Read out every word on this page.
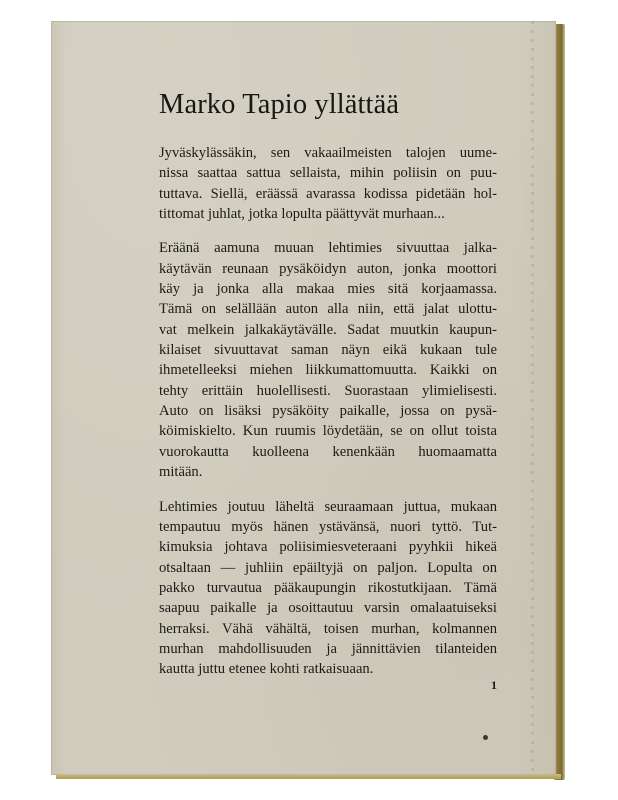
Marko Tapio yllättää
Jyväskylässäkin, sen vakaailmeisten talojen uume-
nissa saattaa sattua sellaista, mihin poliisin on puu-
tuttava. Siellä, eräässä avarassa kodissa pidetään hol-
tittomat juhlat, jotka lopulta päättyvät murhaan...
Eräänä aamuna muuan lehtimies sivuuttaa jalka-
käytävän reunaan pysäköidyn auton, jonka moottori
käy ja jonka alla makaa mies sitä korjaamassa.
Tämä on selällään auton alla niin, että jalat ulottu-
vat melkein jalkakäytävälle. Sadat muutkin kaupun-
kilaiset sivuuttavat saman näyn eikä kukaan tule
ihmetelleeksi miehen liikkumattomuutta. Kaikki on
tehty erittäin huolellisesti. Suorastaan ylimielisesti.
Auto on lisäksi pysäköity paikalle, jossa on pysä-
köimiskielto. Kun ruumis löydetään, se on ollut toista
vuorokautta kuolleena kenenkään huomaamatta
mitään.
Lehtimies joutuu läheltä seuraamaan juttua, mukaan
tempautuu myös hänen ystävänsä, nuori tyttö. Tut-
kimuksia johtava poliisimiesveteraani pyyhkii hikeä
otsaltaan — juhliin epäiltyjä on paljon. Lopulta on
pakko turvautua pääkaupungin rikostutkijaan. Tämä
saapuu paikalle ja osoittautuu varsin omalaatuiseksi
herraksi. Vähä vähältä, toisen murhan, kolmannen
murhan mahdollisuuden ja jännittävien tilanteiden
kautta juttu etenee kohti ratkaisuaan.
1
